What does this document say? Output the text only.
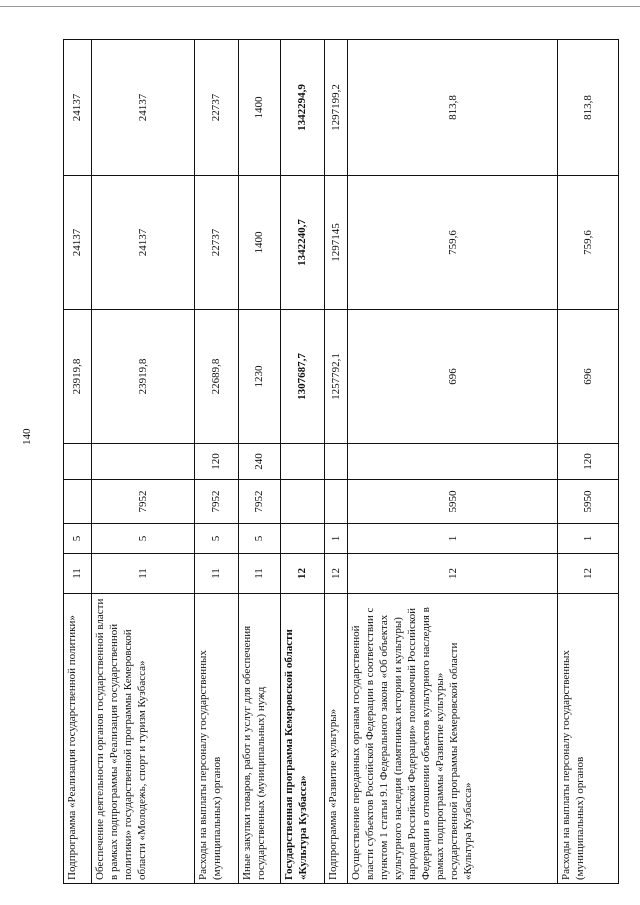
140
Подпрограмма «Реализация государственной политики»	11	5			23919,8	24137	24137
Обеспечение деятельности органов государственной власти в рамках подпрограммы «Реализация государственной политики» государственной программы Кемеровской области «Молодежь, спорт и туризм Кузбасса»	11	5	7952		23919,8	24137	24137
Расходы на выплаты персоналу государственных (муниципальных) органов	11	5	7952	120	22689,8	22737	22737
Иные закупки товаров, работ и услуг для обеспечения государственных (муниципальных) нужд	11	5	7952	240	1230	1400	1400
Государственная программа Кемеровской области «Культура Кузбасса»	12				1307687,7	1342240,7	1342294,9
Подпрограмма «Развитие культуры»	12	1			1257792,1	1297145	1297199,2
Осуществление переданных органам государственной власти субъектов Российской Федерации в соответствии с пунктом 1 статьи 9.1 Федерального закона «Об объектах культурного наследия (памятниках истории и культуры) народов Российской Федерации» полномочий Российской Федерации в отношении объектов культурного наследия в рамках подпрограммы «Развитие культуры» государственной программы Кемеровской области «Культура Кузбасса»	12	1	5950		696	759,6	813,8
Расходы на выплаты персоналу государственных (муниципальных) органов	12	1	5950	120	696	759,6	813,8
